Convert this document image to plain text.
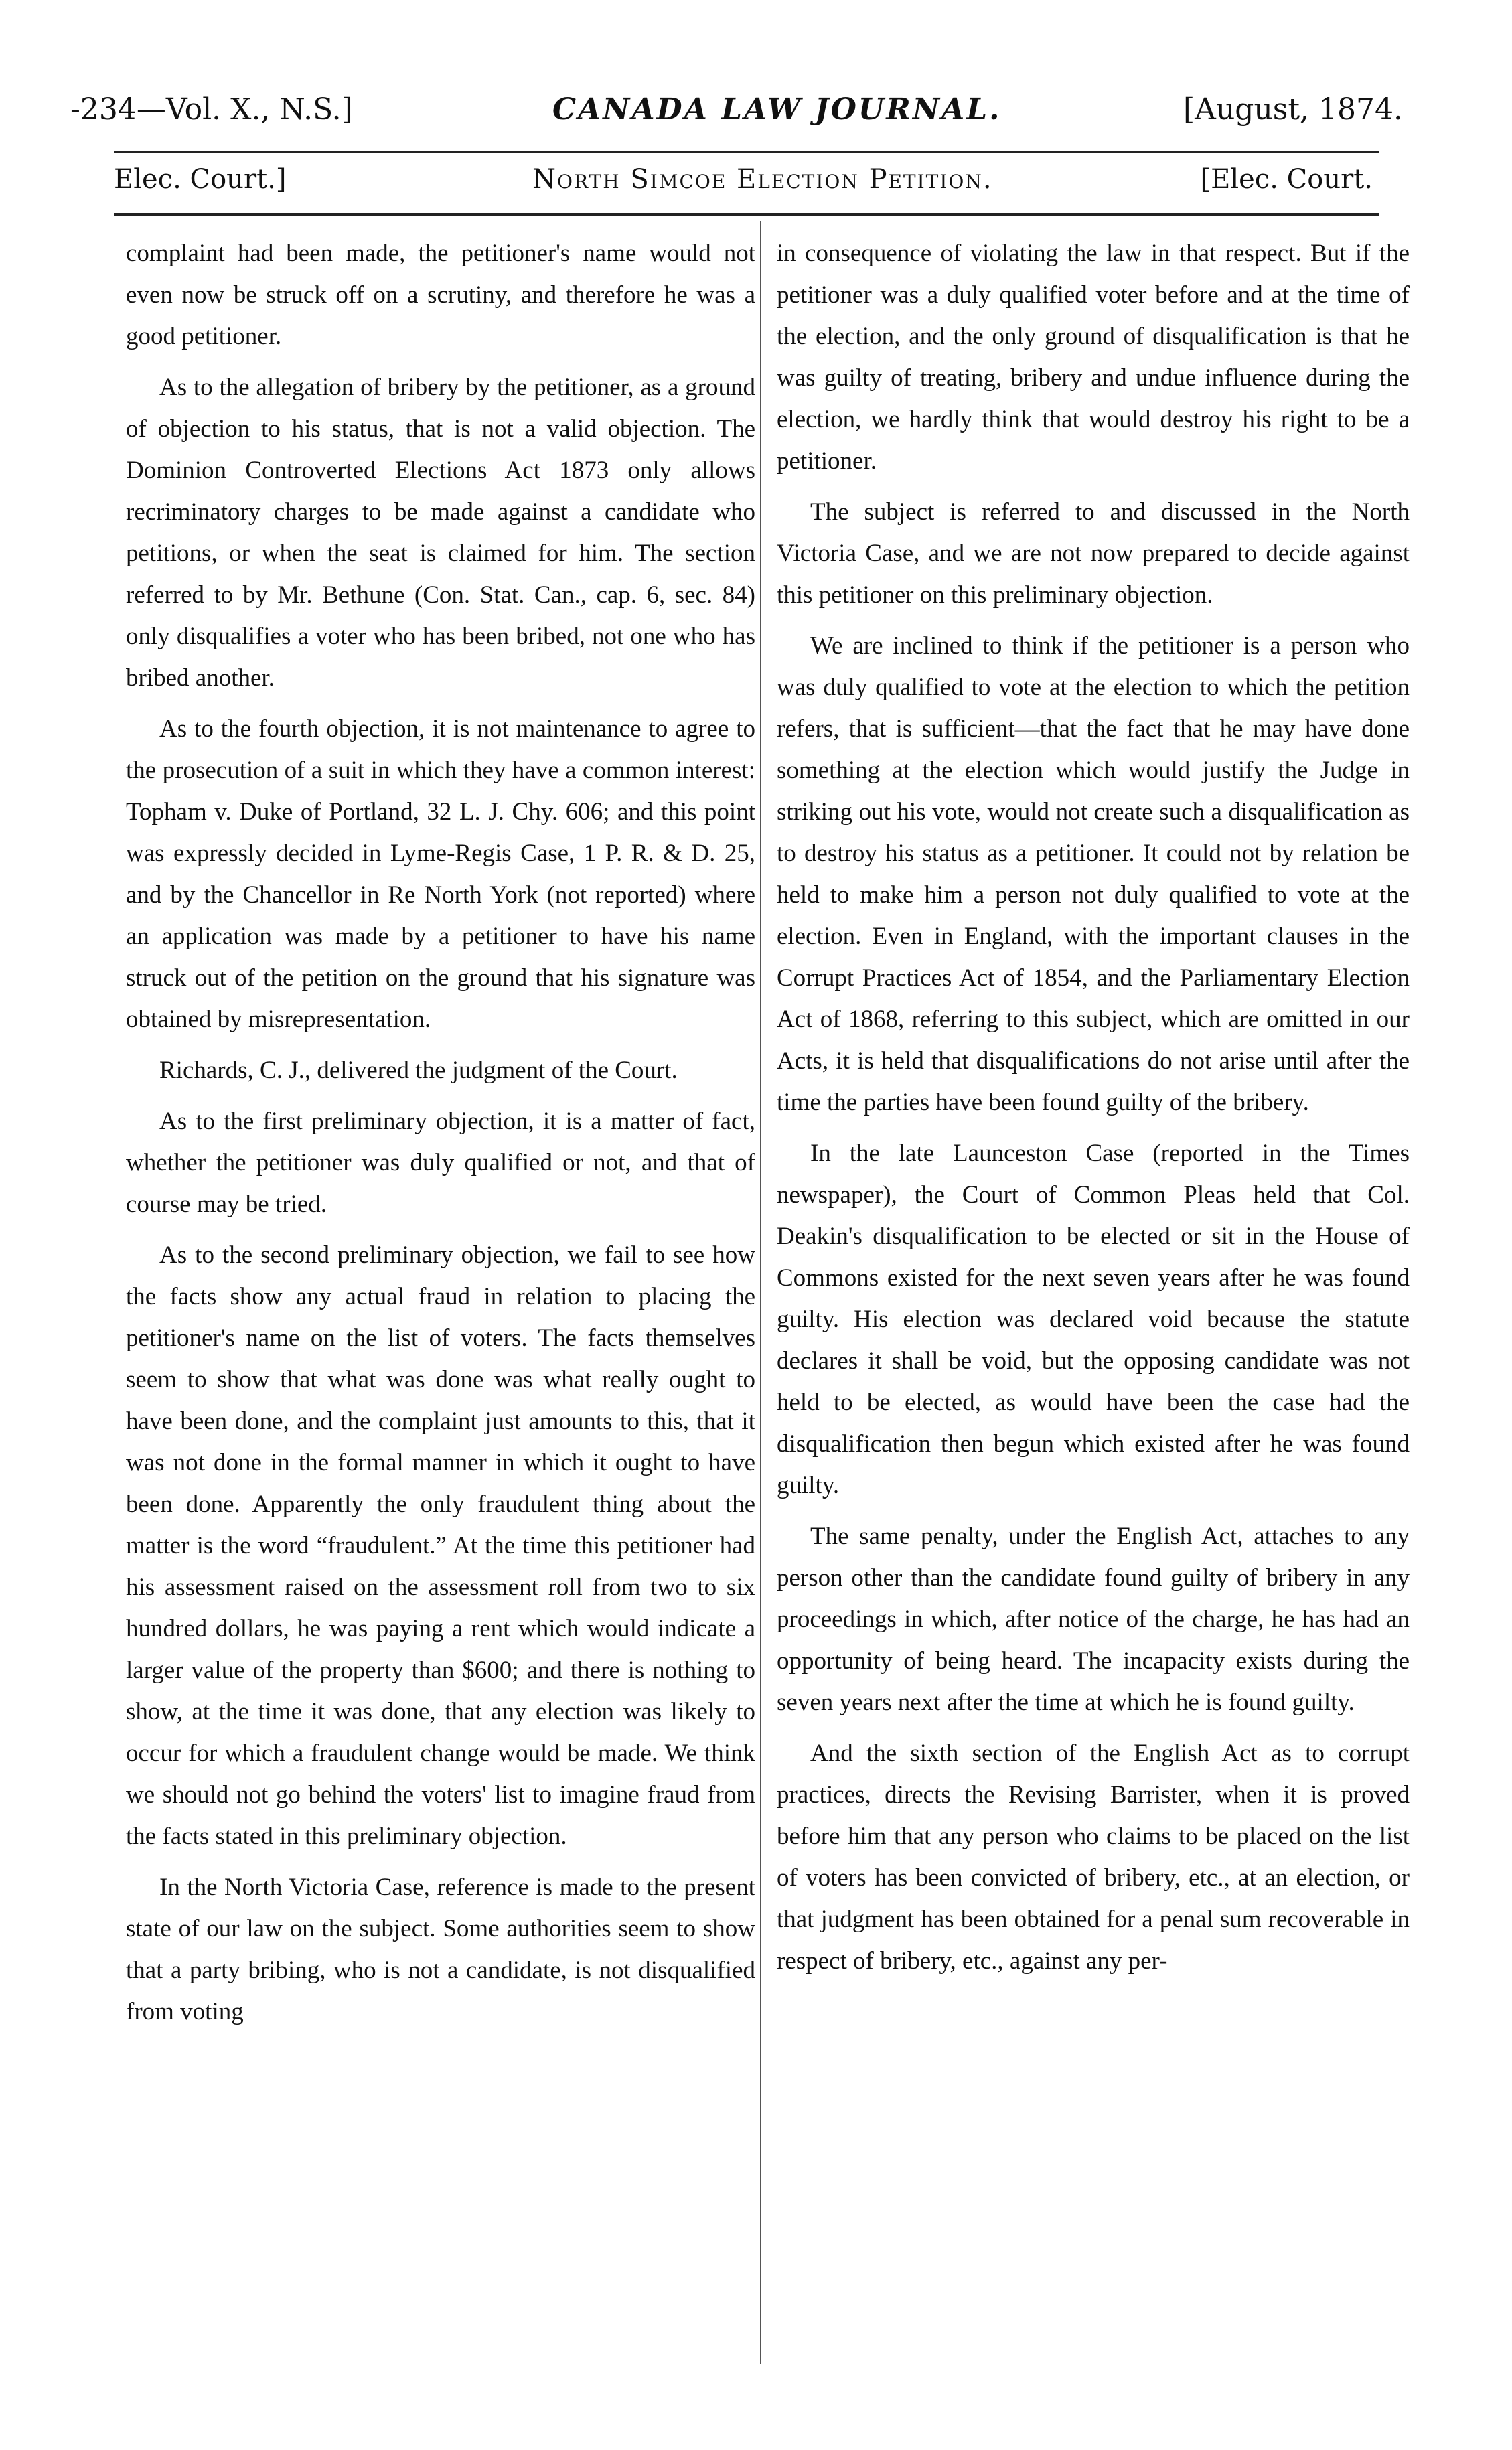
-234—Vol. X., N.S.]	CANADA LAW JOURNAL.	[August, 1874.
Elec. Court.]	North Simcoe Election Petition.	[Elec. Court.

complaint had been made, the petitioner's name would not even now be struck off on a scrutiny, and therefore he was a good petitioner.

As to the allegation of bribery by the petitioner, as a ground of objection to his status, that is not a valid objection. The Dominion Controverted Elections Act 1873 only allows recriminatory charges to be made against a candidate who petitions, or when the seat is claimed for him. The section referred to by Mr. Bethune (Con. Stat. Can., cap. 6, sec. 84) only disqualifies a voter who has been bribed, not one who has bribed another.

As to the fourth objection, it is not maintenance to agree to the prosecution of a suit in which they have a common interest: Topham v. Duke of Portland, 32 L. J. Chy. 606; and this point was expressly decided in Lyme-Regis Case, 1 P. R. & D. 25, and by the Chancellor in Re North York (not reported) where an application was made by a petitioner to have his name struck out of the petition on the ground that his signature was obtained by misrepresentation.

Richards, C. J., delivered the judgment of the Court.

As to the first preliminary objection, it is a matter of fact, whether the petitioner was duly qualified or not, and that of course may be tried.

As to the second preliminary objection, we fail to see how the facts show any actual fraud in relation to placing the petitioner's name on the list of voters. The facts themselves seem to show that what was done was what really ought to have been done, and the complaint just amounts to this, that it was not done in the formal manner in which it ought to have been done. Apparently the only fraudulent thing about the matter is the word “fraudulent.” At the time this petitioner had his assessment raised on the assessment roll from two to six hundred dollars, he was paying a rent which would indicate a larger value of the property than $600; and there is nothing to show, at the time it was done, that any election was likely to occur for which a fraudulent change would be made. We think we should not go behind the voters' list to imagine fraud from the facts stated in this preliminary objection.

In the North Victoria Case, reference is made to the present state of our law on the subject. Some authorities seem to show that a party bribing, who is not a candidate, is not disqualified from voting

in consequence of violating the law in that respect. But if the petitioner was a duly qualified voter before and at the time of the election, and the only ground of disqualification is that he was guilty of treating, bribery and undue influence during the election, we hardly think that would destroy his right to be a petitioner.

The subject is referred to and discussed in the North Victoria Case, and we are not now prepared to decide against this petitioner on this preliminary objection.

We are inclined to think if the petitioner is a person who was duly qualified to vote at the election to which the petition refers, that is sufficient—that the fact that he may have done something at the election which would justify the Judge in striking out his vote, would not create such a disqualification as to destroy his status as a petitioner. It could not by relation be held to make him a person not duly qualified to vote at the election. Even in England, with the important clauses in the Corrupt Practices Act of 1854, and the Parliamentary Election Act of 1868, referring to this subject, which are omitted in our Acts, it is held that disqualifications do not arise until after the time the parties have been found guilty of the bribery.

In the late Launceston Case (reported in the Times newspaper), the Court of Common Pleas held that Col. Deakin's disqualification to be elected or sit in the House of Commons existed for the next seven years after he was found guilty. His election was declared void because the statute declares it shall be void, but the opposing candidate was not held to be elected, as would have been the case had the disqualification then begun which existed after he was found guilty.

The same penalty, under the English Act, attaches to any person other than the candidate found guilty of bribery in any proceedings in which, after notice of the charge, he has had an opportunity of being heard. The incapacity exists during the seven years next after the time at which he is found guilty.

And the sixth section of the English Act as to corrupt practices, directs the Revising Barrister, when it is proved before him that any person who claims to be placed on the list of voters has been convicted of bribery, etc., at an election, or that judgment has been obtained for a penal sum recoverable in respect of bribery, etc., against any per-
